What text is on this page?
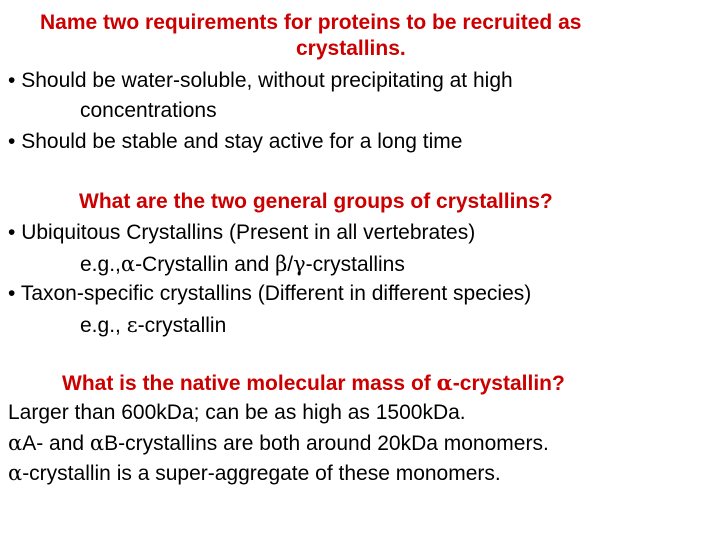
Name two requirements for proteins to be recruited as
crystallins.
• Should be water-soluble, without precipitating at high
concentrations
• Should be stable and stay active for a long time
What are the two general groups of crystallins?
• Ubiquitous Crystallins (Present in all vertebrates)
e.g.,α-Crystallin and β/γ-crystallins
• Taxon-specific crystallins (Different in different species)
e.g., ε-crystallin
What is the native molecular mass of α-crystallin?
Larger than 600kDa; can be as high as 1500kDa.
αA- and αB-crystallins are both around 20kDa monomers.
α-crystallin is a super-aggregate of these monomers.
